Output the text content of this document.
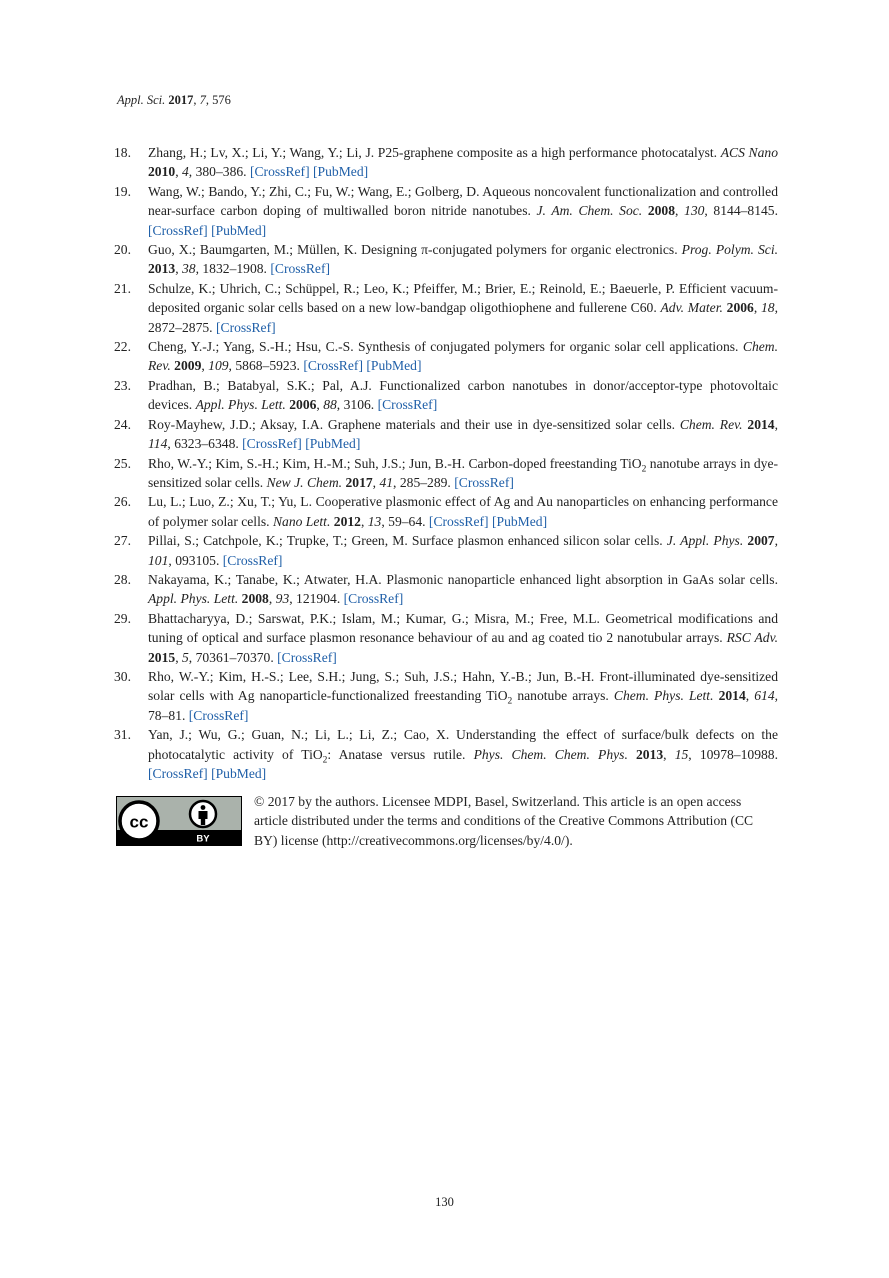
Appl. Sci. 2017, 7, 576
18.	Zhang, H.; Lv, X.; Li, Y.; Wang, Y.; Li, J. P25-graphene composite as a high performance photocatalyst. ACS Nano 2010, 4, 380–386. [CrossRef] [PubMed]
19.	Wang, W.; Bando, Y.; Zhi, C.; Fu, W.; Wang, E.; Golberg, D. Aqueous noncovalent functionalization and controlled near-surface carbon doping of multiwalled boron nitride nanotubes. J. Am. Chem. Soc. 2008, 130, 8144–8145. [CrossRef] [PubMed]
20.	Guo, X.; Baumgarten, M.; Müllen, K. Designing π-conjugated polymers for organic electronics. Prog. Polym. Sci. 2013, 38, 1832–1908. [CrossRef]
21.	Schulze, K.; Uhrich, C.; Schüppel, R.; Leo, K.; Pfeiffer, M.; Brier, E.; Reinold, E.; Baeuerle, P. Efficient vacuum-deposited organic solar cells based on a new low-bandgap oligothiophene and fullerene C60. Adv. Mater. 2006, 18, 2872–2875. [CrossRef]
22.	Cheng, Y.-J.; Yang, S.-H.; Hsu, C.-S. Synthesis of conjugated polymers for organic solar cell applications. Chem. Rev. 2009, 109, 5868–5923. [CrossRef] [PubMed]
23.	Pradhan, B.; Batabyal, S.K.; Pal, A.J. Functionalized carbon nanotubes in donor/acceptor-type photovoltaic devices. Appl. Phys. Lett. 2006, 88, 3106. [CrossRef]
24.	Roy-Mayhew, J.D.; Aksay, I.A. Graphene materials and their use in dye-sensitized solar cells. Chem. Rev. 2014, 114, 6323–6348. [CrossRef] [PubMed]
25.	Rho, W.-Y.; Kim, S.-H.; Kim, H.-M.; Suh, J.S.; Jun, B.-H. Carbon-doped freestanding TiO$_2$ nanotube arrays in dye-sensitized solar cells. New J. Chem. 2017, 41, 285–289. [CrossRef]
26.	Lu, L.; Luo, Z.; Xu, T.; Yu, L. Cooperative plasmonic effect of Ag and Au nanoparticles on enhancing performance of polymer solar cells. Nano Lett. 2012, 13, 59–64. [CrossRef] [PubMed]
27.	Pillai, S.; Catchpole, K.; Trupke, T.; Green, M. Surface plasmon enhanced silicon solar cells. J. Appl. Phys. 2007, 101, 093105. [CrossRef]
28.	Nakayama, K.; Tanabe, K.; Atwater, H.A. Plasmonic nanoparticle enhanced light absorption in GaAs solar cells. Appl. Phys. Lett. 2008, 93, 121904. [CrossRef]
29.	Bhattacharyya, D.; Sarswat, P.K.; Islam, M.; Kumar, G.; Misra, M.; Free, M.L. Geometrical modifications and tuning of optical and surface plasmon resonance behaviour of au and ag coated tio 2 nanotubular arrays. RSC Adv. 2015, 5, 70361–70370. [CrossRef]
30.	Rho, W.-Y.; Kim, H.-S.; Lee, S.H.; Jung, S.; Suh, J.S.; Hahn, Y.-B.; Jun, B.-H. Front-illuminated dye-sensitized solar cells with Ag nanoparticle-functionalized freestanding TiO$_2$ nanotube arrays. Chem. Phys. Lett. 2014, 614, 78–81. [CrossRef]
31.	Yan, J.; Wu, G.; Guan, N.; Li, L.; Li, Z.; Cao, X. Understanding the effect of surface/bulk defects on the photocatalytic activity of TiO$_2$: Anatase versus rutile. Phys. Chem. Chem. Phys. 2013, 15, 10978–10988. [CrossRef] [PubMed]
cc
BY
© 2017 by the authors. Licensee MDPI, Basel, Switzerland. This article is an open access article distributed under the terms and conditions of the Creative Commons Attribution (CC BY) license (http://creativecommons.org/licenses/by/4.0/).
130
